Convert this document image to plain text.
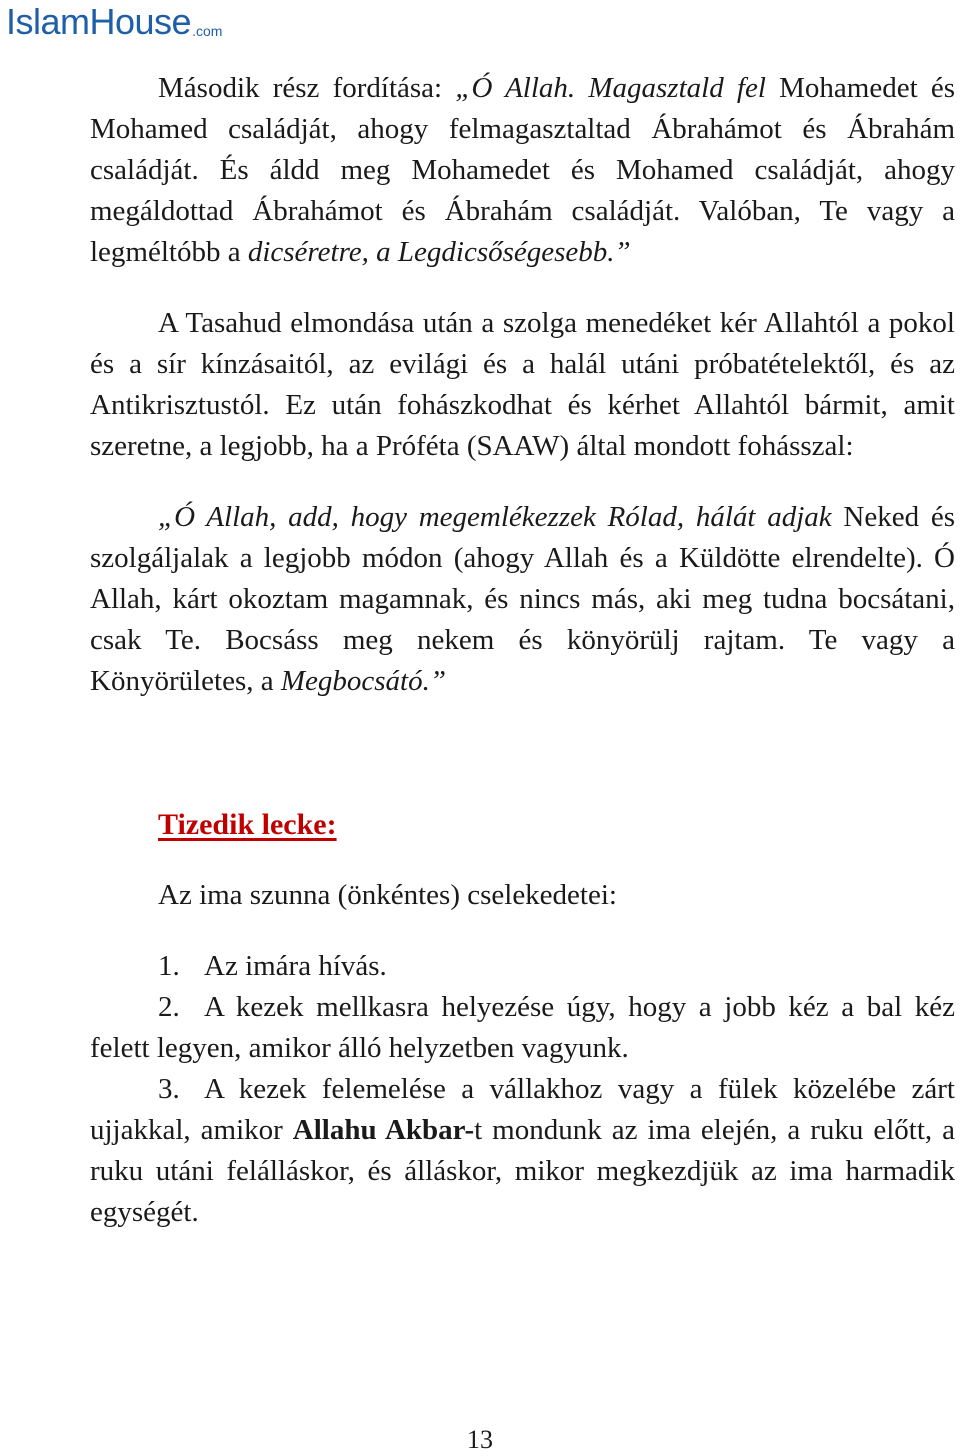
IslamHouse .com

Második rész fordítása: „Ó Allah. Magasztald fel Mohamedet és Mohamed családját, ahogy felmagasztaltad Ábrahámot és Ábrahám családját. És áldd meg Mohamedet és Mohamed családját, ahogy megáldottad Ábrahámot és Ábrahám családját. Valóban, Te vagy a legméltóbb a dicséretre, a Legdicsőségesebb.”

A Tasahud elmondása után a szolga menedéket kér Allahtól a pokol és a sír kínzásaitól, az evilági és a halál utáni próbatételektől, és az Antikrisztustól. Ez után fohászkodhat és kérhet Allahtól bármit, amit szeretne, a legjobb, ha a Próféta (SAAW) által mondott fohásszal:

„Ó Allah, add, hogy megemlékezzek Rólad, hálát adjak Neked és szolgáljalak a legjobb módon (ahogy Allah és a Küldötte elrendelte). Ó Allah, kárt okoztam magamnak, és nincs más, aki meg tudna bocsátani, csak Te. Bocsáss meg nekem és könyörülj rajtam. Te vagy a Könyörületes, a Megbocsátó.”

Tizedik lecke:

Az ima szunna (önkéntes) cselekedetei:

1. Az imára hívás.

2. A kezek mellkasra helyezése úgy, hogy a jobb kéz a bal kéz felett legyen, amikor álló helyzetben vagyunk.

3. A kezek felemelése a vállakhoz vagy a fülek közelébe zárt ujjakkal, amikor Allahu Akbar-t mondunk az ima elején, a ruku előtt, a ruku utáni felálláskor, és álláskor, mikor megkezdjük az ima harmadik egységét.

13
